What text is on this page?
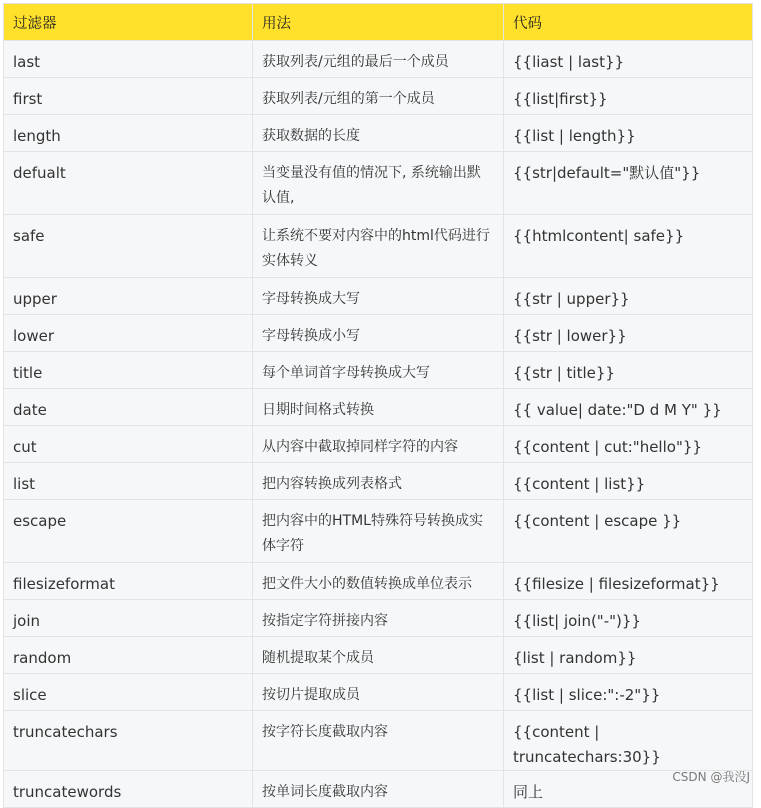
过滤器	用法	代码
last	获取列表/元组的最后一个成员	{{liast | last}}
first	获取列表/元组的第一个成员	{{list|first}}
length	获取数据的长度	{{list | length}}
defualt	当变量没有值的情况下, 系统输出默认值,	{{str|default="默认值"}}
safe	让系统不要对内容中的html代码进行实体转义	{{htmlcontent| safe}}
upper	字母转换成大写	{{str | upper}}
lower	字母转换成小写	{{str | lower}}
title	每个单词首字母转换成大写	{{str | title}}
date	日期时间格式转换	{{ value| date:"D d M Y" }}
cut	从内容中截取掉同样字符的内容	{{content | cut:"hello"}}
list	把内容转换成列表格式	{{content | list}}
escape	把内容中的HTML特殊符号转换成实体字符	{{content | escape }}
filesizeformat	把文件大小的数值转换成单位表示	{{filesize | filesizeformat}}
join	按指定字符拼接内容	{{list| join("-")}}
random	随机提取某个成员	{list | random}}
slice	按切片提取成员	{{list | slice:":-2"}}
truncatechars	按字符长度截取内容	{{content | truncatechars:30}}
truncatewords	按单词长度截取内容	同上
CSDN @我没J
